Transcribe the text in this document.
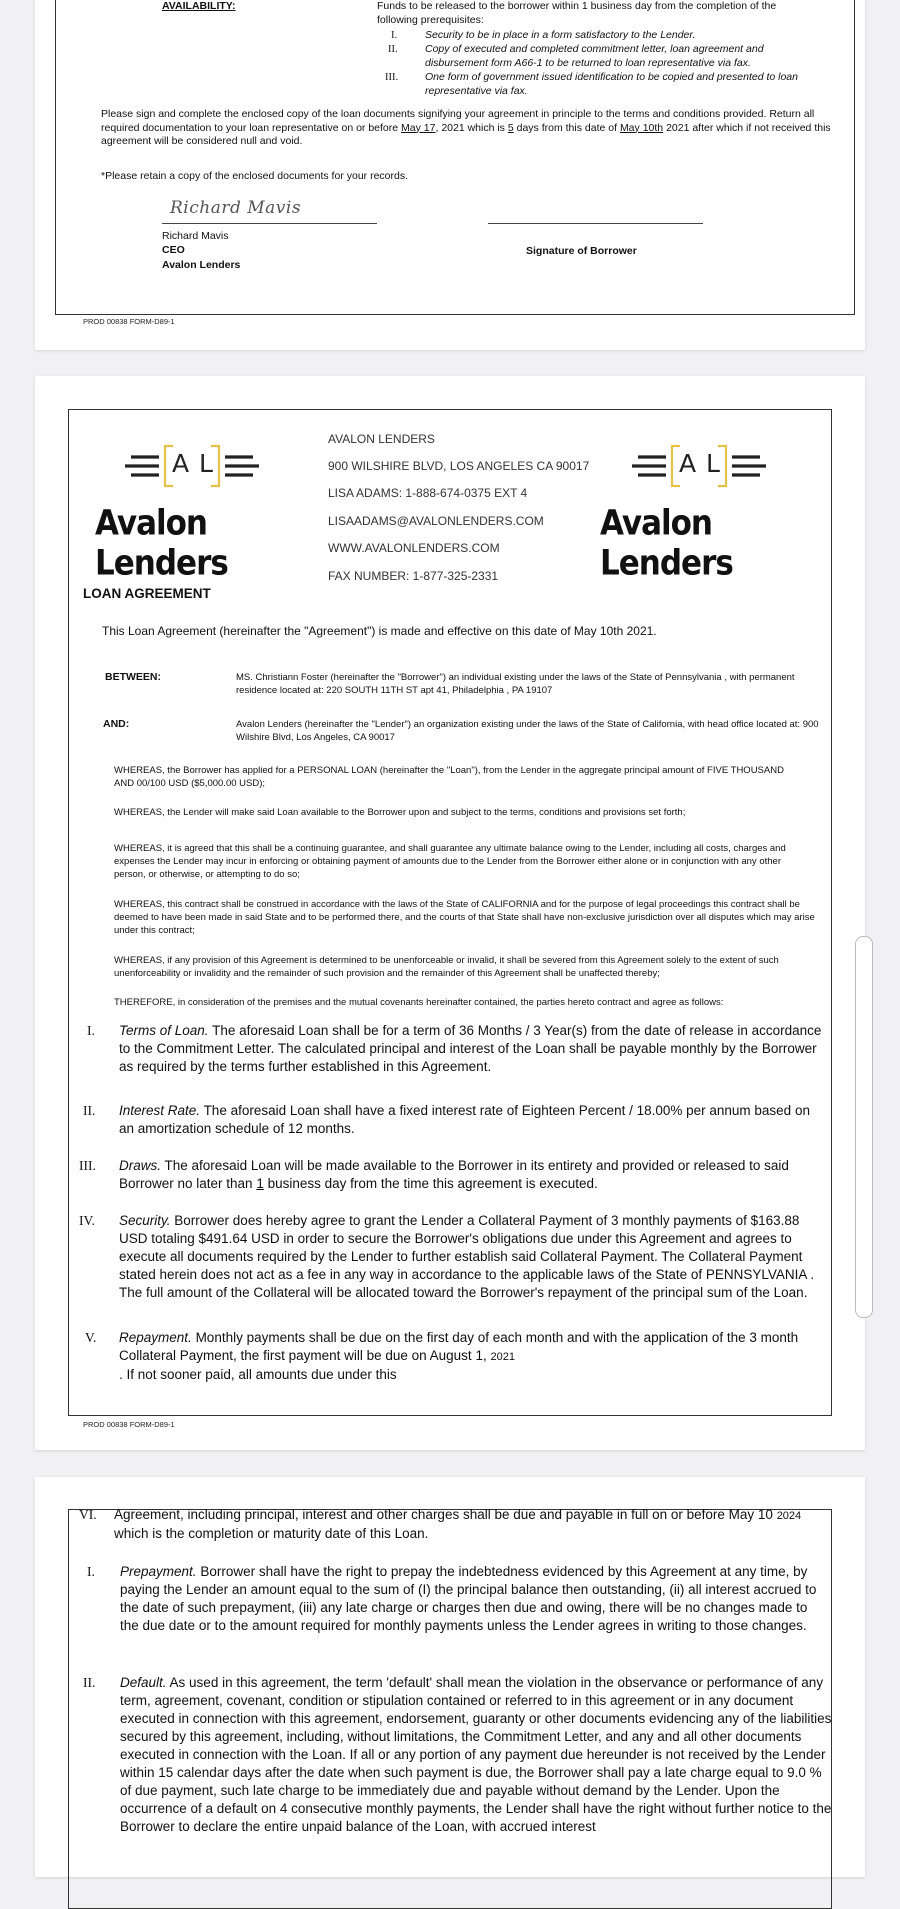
AVAILABILITY:	Funds to be released to the borrower within 1 business day from the completion of the following prerequisites:
I.	Security to be in place in a form satisfactory to the Lender.
II.	Copy of executed and completed commitment letter, loan agreement and disbursement form A66-1 to be returned to loan representative via fax.
III.	One form of government issued identification to be copied and presented to loan representative via fax.
Please sign and complete the enclosed copy of the loan documents signifying your agreement in principle to the terms and conditions provided. Return all required documentation to your loan representative on or before May 17, 2021 which is 5 days from this date of May 10th 2021 after which if not received this agreement will be considered null and void.
*Please retain a copy of the enclosed documents for your records.
Richard Mavis
Richard Mavis
CEO	Signature of Borrower
Avalon Lenders
PROD 00838 FORM-D89-1
A L
Avalon Lenders
AVALON LENDERS
900 WILSHIRE BLVD, LOS ANGELES CA 90017
LISA ADAMS: 1-888-674-0375 EXT 4
LISAADAMS@AVALONLENDERS.COM
WWW.AVALONLENDERS.COM
FAX NUMBER: 1-877-325-2331
A L
Avalon Lenders
LOAN AGREEMENT
This Loan Agreement (hereinafter the "Agreement") is made and effective on this date of May 10th 2021.
BETWEEN:	MS. Christiann Foster (hereinafter the "Borrower") an individual existing under the laws of the State of Pennsylvania , with permanent residence located at: 220 SOUTH 11TH ST apt 41, Philadelphia , PA 19107
AND:	Avalon Lenders (hereinafter the "Lender") an organization existing under the laws of the State of California, with head office located at: 900 Wilshire Blvd, Los Angeles, CA 90017
WHEREAS, the Borrower has applied for a PERSONAL LOAN (hereinafter the "Loan"), from the Lender in the aggregate principal amount of FIVE THOUSAND AND 00/100 USD ($5,000.00 USD);
WHEREAS, the Lender will make said Loan available to the Borrower upon and subject to the terms, conditions and provisions set forth;
WHEREAS, it is agreed that this shall be a continuing guarantee, and shall guarantee any ultimate balance owing to the Lender, including all costs, charges and expenses the Lender may incur in enforcing or obtaining payment of amounts due to the Lender from the Borrower either alone or in conjunction with any other person, or otherwise, or attempting to do so;
WHEREAS, this contract shall be construed in accordance with the laws of the State of CALIFORNIA and for the purpose of legal proceedings this contract shall be deemed to have been made in said State and to be performed there, and the courts of that State shall have non-exclusive jurisdiction over all disputes which may arise under this contract;
WHEREAS, if any provision of this Agreement is determined to be unenforceable or invalid, it shall be severed from this Agreement solely to the extent of such unenforceability or invalidity and the remainder of such provision and the remainder of this Agreement shall be unaffected thereby;
THEREFORE, in consideration of the premises and the mutual covenants hereinafter contained, the parties hereto contract and agree as follows:
I. Terms of Loan. The aforesaid Loan shall be for a term of 36 Months / 3 Year(s) from the date of release in accordance to the Commitment Letter. The calculated principal and interest of the Loan shall be payable monthly by the Borrower as required by the terms further established in this Agreement.
II. Interest Rate. The aforesaid Loan shall have a fixed interest rate of Eighteen Percent / 18.00% per annum based on an amortization schedule of 12 months.
III. Draws. The aforesaid Loan will be made available to the Borrower in its entirety and provided or released to said Borrower no later than 1 business day from the time this agreement is executed.
IV. Security. Borrower does hereby agree to grant the Lender a Collateral Payment of 3 monthly payments of $163.88 USD totaling $491.64 USD in order to secure the Borrower's obligations due under this Agreement and agrees to execute all documents required by the Lender to further establish said Collateral Payment. The Collateral Payment stated herein does not act as a fee in any way in accordance to the applicable laws of the State of PENNSYLVANIA . The full amount of the Collateral will be allocated toward the Borrower's repayment of the principal sum of the Loan.
V. Repayment. Monthly payments shall be due on the first day of each month and with the application of the 3 month Collateral Payment, the first payment will be due on August 1, 2021
. If not sooner paid, all amounts due under this
PROD 00838 FORM-D89-1
VI. Agreement, including principal, interest and other charges shall be due and payable in full on or before May 10 2024
which is the completion or maturity date of this Loan.
I. Prepayment. Borrower shall have the right to prepay the indebtedness evidenced by this Agreement at any time, by paying the Lender an amount equal to the sum of (I) the principal balance then outstanding, (ii) all interest accrued to the date of such prepayment, (iii) any late charge or charges then due and owing, there will be no changes made to the due date or to the amount required for monthly payments unless the Lender agrees in writing to those changes.
II. Default. As used in this agreement, the term 'default' shall mean the violation in the observance or performance of any term, agreement, covenant, condition or stipulation contained or referred to in this agreement or in any document executed in connection with this agreement, endorsement, guaranty or other documents evidencing any of the liabilities secured by this agreement, including, without limitations, the Commitment Letter, and any and all other documents executed in connection with the Loan. If all or any portion of any payment due hereunder is not received by the Lender within 15 calendar days after the date when such payment is due, the Borrower shall pay a late charge equal to 9.0 % of due payment, such late charge to be immediately due and payable without demand by the Lender. Upon the occurrence of a default on 4 consecutive monthly payments, the Lender shall have the right without further notice to the Borrower to declare the entire unpaid balance of the Loan, with accrued interest
